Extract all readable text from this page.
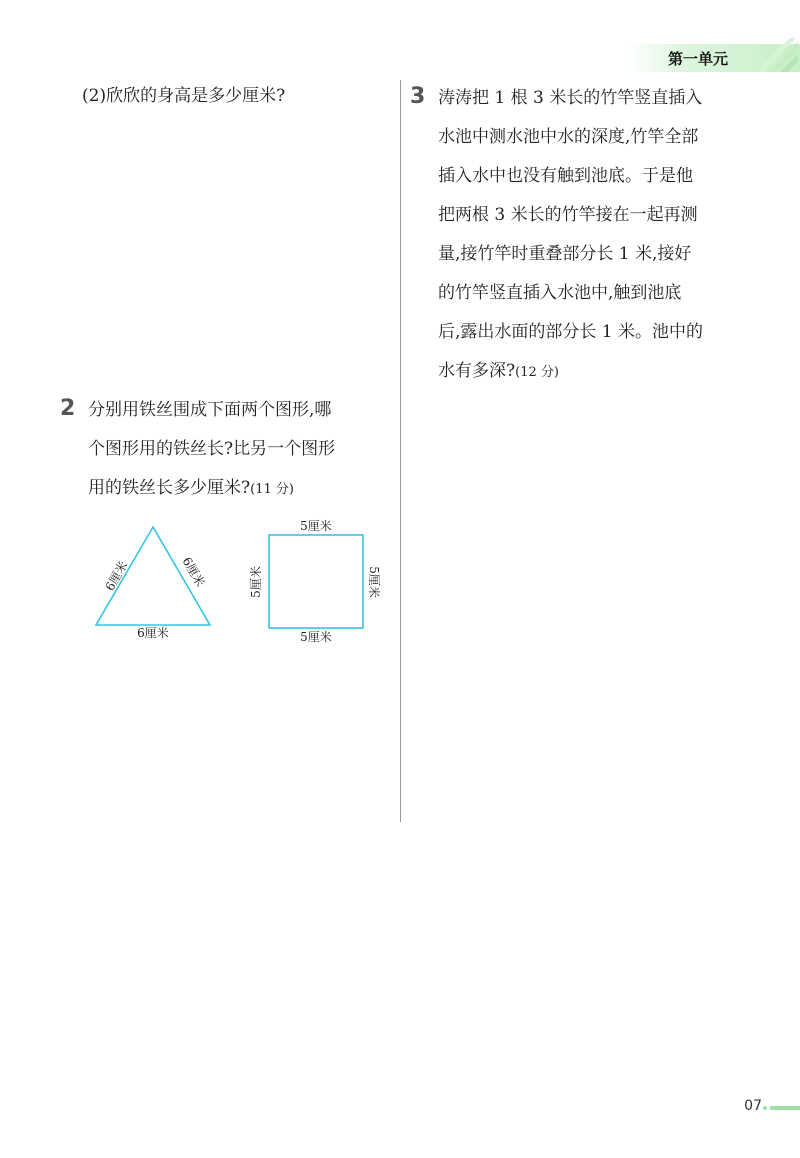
第一单元
(2)欣欣的身高是多少厘米?
2 分别用铁丝围成下面两个图形,哪
个图形用的铁丝长?比另一个图形
用的铁丝长多少厘米?(11 分)
6厘米	6厘米
6厘米
5厘米
5厘米	5厘米
5厘米
3 涛涛把 1 根 3 米长的竹竿竖直插入
水池中测水池中水的深度,竹竿全部
插入水中也没有触到池底。于是他
把两根 3 米长的竹竿接在一起再测
量,接竹竿时重叠部分长 1 米,接好
的竹竿竖直插入水池中,触到池底
后,露出水面的部分长 1 米。池中的
水有多深?(12 分)
07
